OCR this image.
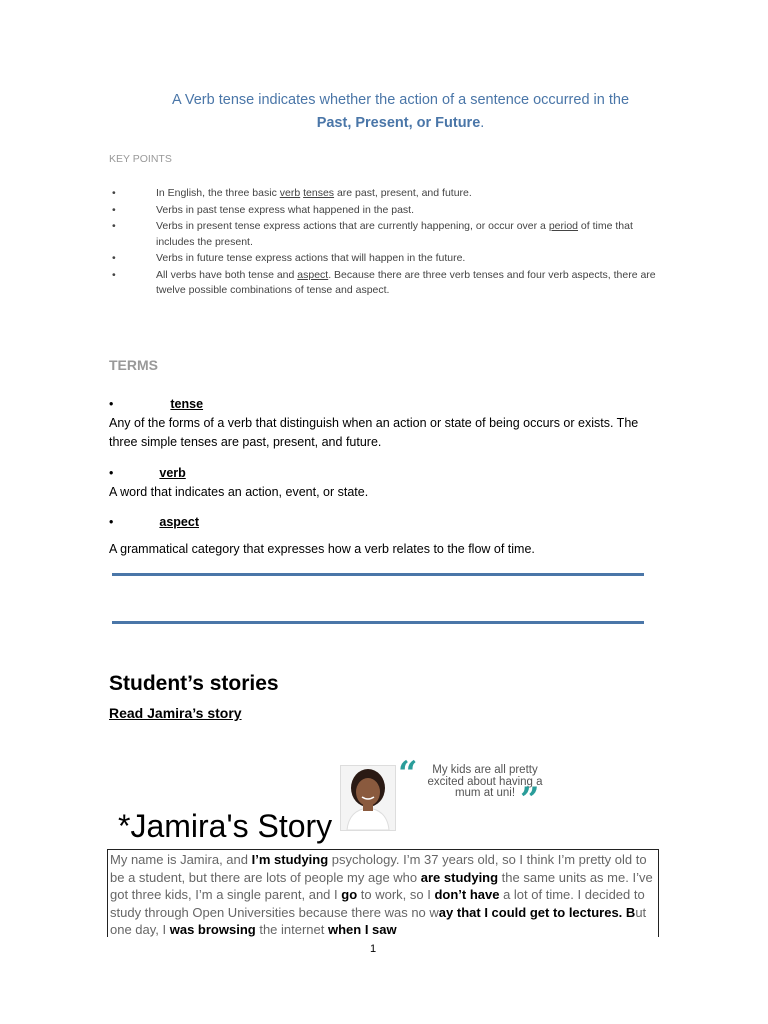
A Verb tense indicates whether the action of a sentence occurred in the
Past, Present, or Future.
KEY POINTS
•	In English, the three basic verb tenses are past, present, and future.
•	Verbs in past tense express what happened in the past.
•	Verbs in present tense express actions that are currently happening, or occur over a period of time that includes the present.
•	Verbs in future tense express actions that will happen in the future.
•	All verbs have both tense and aspect. Because there are three verb tenses and four verb aspects, there are twelve possible combinations of tense and aspect.
TERMS
•	tense
Any of the forms of a verb that distinguish when an action or state of being occurs or exists. The three simple tenses are past, present, and future.
•	verb
A word that indicates an action, event, or state.
•	aspect
A grammatical category that expresses how a verb relates to the flow of time.
Student’s stories
Read Jamira’s story
“	My kids are all pretty excited about having a mum at uni! ”
*Jamira's Story
My name is Jamira, and I’m studying psychology. I’m 37 years old, so I think I’m pretty old to be a student, but there are lots of people my age who are studying the same units as me. I’ve got three kids, I’m a single parent, and I go to work, so I don’t have a lot of time. I decided to study through Open Universities because there was no way that I could get to lectures. But one day, I was browsing the internet when I saw
1
